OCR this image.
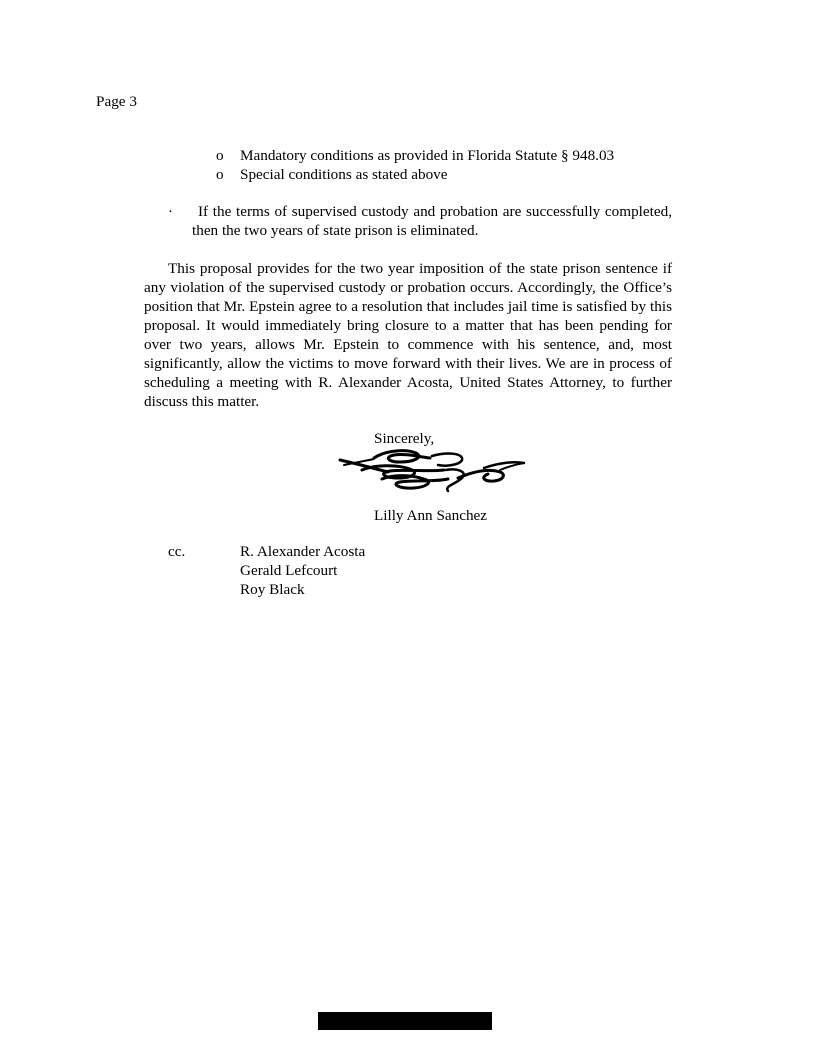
Page 3
o	Mandatory conditions as provided in Florida Statute § 948.03
o	Special conditions as stated above
·	If the terms of supervised custody and probation are successfully completed, then the two years of state prison is eliminated.

This proposal provides for the two year imposition of the state prison sentence if any violation of the supervised custody or probation occurs. Accordingly, the Office’s position that Mr. Epstein agree to a resolution that includes jail time is satisfied by this proposal. It would immediately bring closure to a matter that has been pending for over two years, allows Mr. Epstein to commence with his sentence, and, most significantly, allow the victims to move forward with their lives. We are in process of scheduling a meeting with R. Alexander Acosta, United States Attorney, to further discuss this matter.

Sincerely,
Lilly Ann Sanchez
cc.	R. Alexander Acosta
Gerald Lefcourt
Roy Black
